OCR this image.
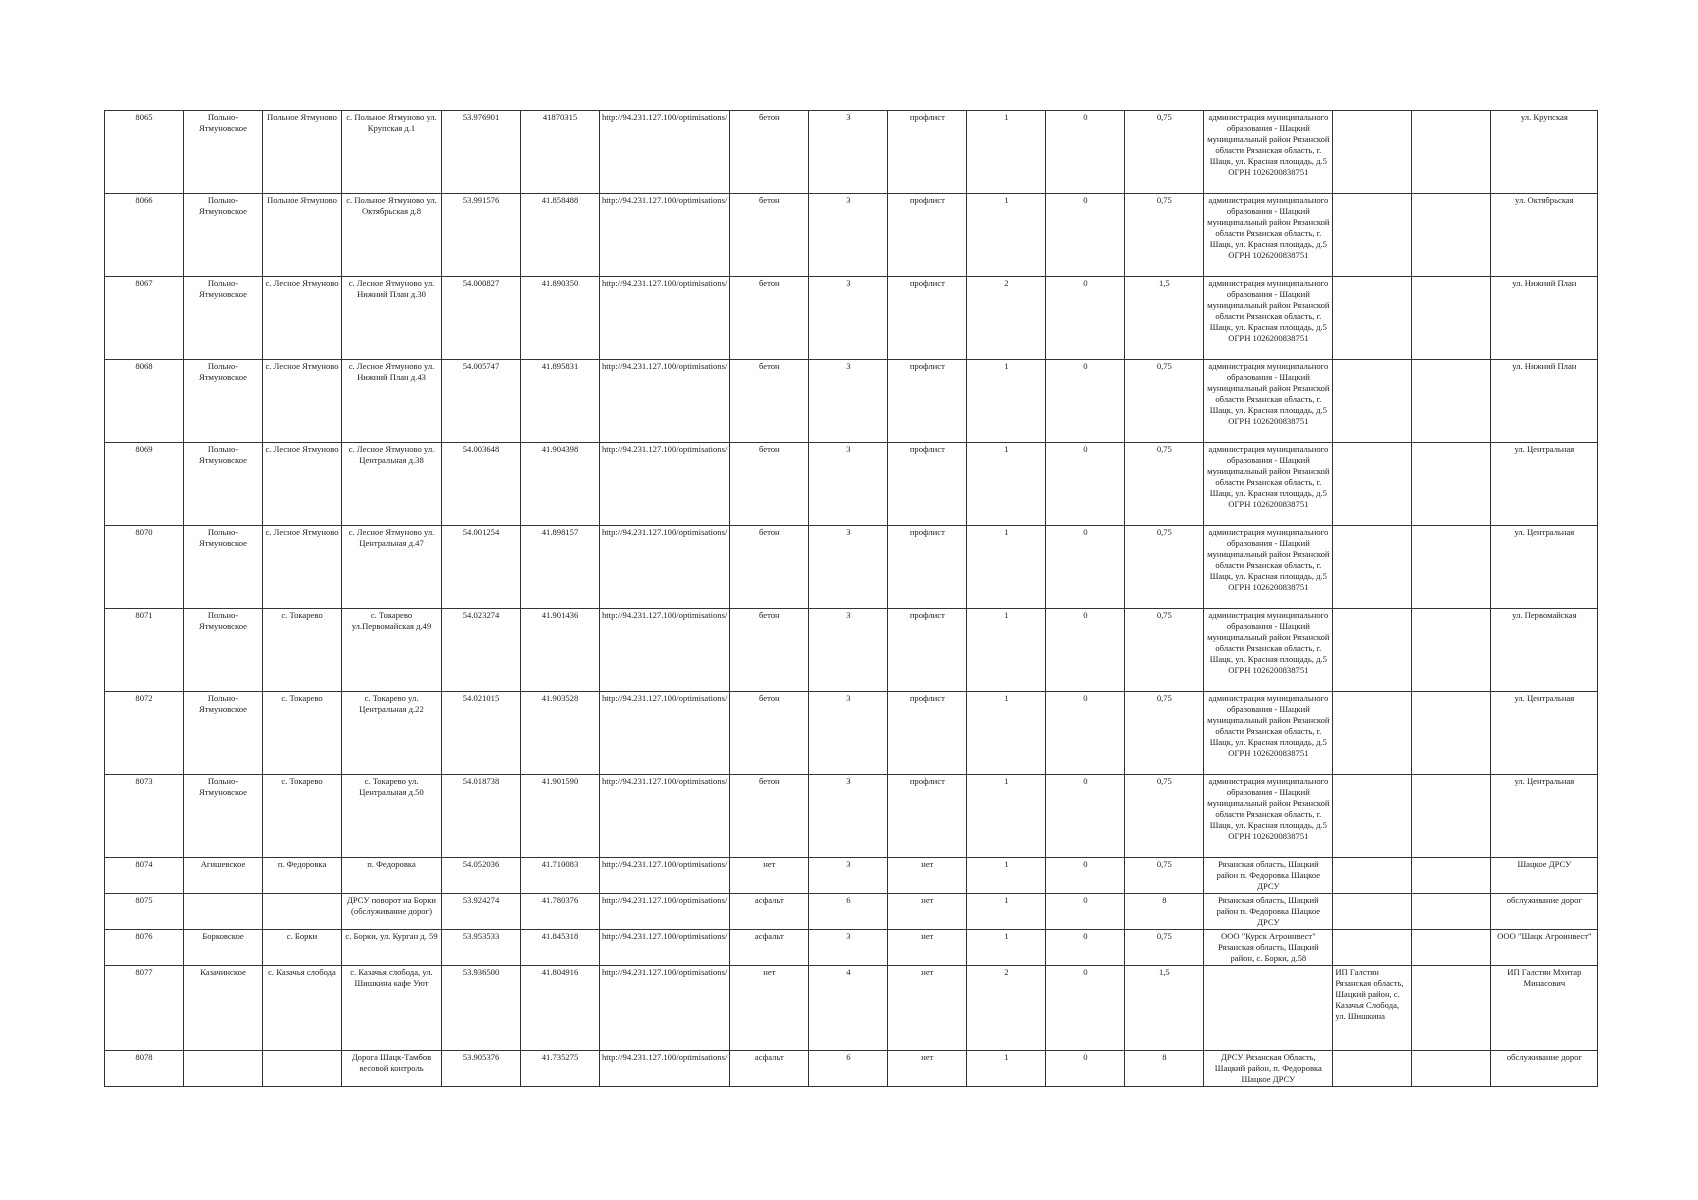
8065	Польно-Ятмуновское	Польное Ятмуново	с. Польное Ятмуново ул. Крупская д.1	53.976901	41870315	http://94.231.127.100/optimisations/	бетон	3	профлист	1	0	0,75	администрация муниципального образования - Шацкий муниципальный район Рязанской области Рязанская область, г. Шацк, ул. Красная площадь, д.5 ОГРН 1026200838751			ул. Крупская
8066	Польно-Ятмуновское	Польное Ятмуново	с. Польное Ятмуново ул. Октябрьская д.8	53.991576	41.858488	http://94.231.127.100/optimisations/	бетон	3	профлист	1	0	0,75	администрация муниципального образования - Шацкий муниципальный район Рязанской области Рязанская область, г. Шацк, ул. Красная площадь, д.5 ОГРН 1026200838751			ул. Октябрьская
8067	Польно-Ятмуновское	с. Лесное Ятмуново	с. Лесное Ятмуново ул. Нижний План д.30	54.000827	41.890350	http://94.231.127.100/optimisations/	бетон	3	профлист	2	0	1,5	администрация муниципального образования - Шацкий муниципальный район Рязанской области Рязанская область, г. Шацк, ул. Красная площадь, д.5 ОГРН 1026200838751			ул. Нижний План
8068	Польно-Ятмуновское	с. Лесное Ятмуново	с. Лесное Ятмуново ул. Нижний План д.43	54.005747	41.895831	http://94.231.127.100/optimisations/	бетон	3	профлист	1	0	0,75	администрация муниципального образования - Шацкий муниципальный район Рязанской области Рязанская область, г. Шацк, ул. Красная площадь, д.5 ОГРН 1026200838751			ул. Нижний План
8069	Польно-Ятмуновское	с. Лесное Ятмуново	с. Лесное Ятмуново ул. Центральная д.38	54.003648	41.904398	http://94.231.127.100/optimisations/	бетон	3	профлист	1	0	0,75	администрация муниципального образования - Шацкий муниципальный район Рязанской области Рязанская область, г. Шацк, ул. Красная площадь, д.5 ОГРН 1026200838751			ул. Центральная
8070	Польно-Ятмуновское	с. Лесное Ятмуново	с. Лесное Ятмуново ул. Центральная д.47	54.001254	41.898157	http://94.231.127.100/optimisations/	бетон	3	профлист	1	0	0,75	администрация муниципального образования - Шацкий муниципальный район Рязанской области Рязанская область, г. Шацк, ул. Красная площадь, д.5 ОГРН 1026200838751			ул. Центральная
8071	Польно-Ятмуновское	с. Токарево	с. Токарево ул.Первомайская д.49	54.023274	41.901436	http://94.231.127.100/optimisations/	бетон	3	профлист	1	0	0,75	администрация муниципального образования - Шацкий муниципальный район Рязанской области Рязанская область, г. Шацк, ул. Красная площадь, д.5 ОГРН 1026200838751			ул. Первомайская
8072	Польно-Ятмуновское	с. Токарево	с. Токарево ул. Центральная д.22	54.021015	41.903528	http://94.231.127.100/optimisations/	бетон	3	профлист	1	0	0,75	администрация муниципального образования - Шацкий муниципальный район Рязанской области Рязанская область, г. Шацк, ул. Красная площадь, д.5 ОГРН 1026200838751			ул. Центральная
8073	Польно-Ятмуновское	с. Токарево	с. Токарево ул. Центральная д.50	54.018738	41.901590	http://94.231.127.100/optimisations/	бетон	3	профлист	1	0	0,75	администрация муниципального образования - Шацкий муниципальный район Рязанской области Рязанская область, г. Шацк, ул. Красная площадь, д.5 ОГРН 1026200838751			ул. Центральная
8074	Агишевское	п. Федоровка	п. Федоровка	54.052036	41.710083	http://94.231.127.100/optimisations/	нет	3	нет	1	0	0,75	Рязанская область, Шацкий район п. Федоровка Шацкое ДРСУ			Шацкое ДРСУ
8075			ДРСУ поворот на Борки (обслуживание дорог)	53.924274	41.780376	http://94.231.127.100/optimisations/	асфальт	6	нет	1	0	8	Рязанская область, Шацкий район п. Федоровка Шацкое ДРСУ			обслуживание дорог
8076	Борковское	с. Борки	с. Борки, ул. Курган д. 59	53.953533	41.845318	http://94.231.127.100/optimisations/	асфальт	3	нет	1	0	0,75	ООО "Курск Агроинвест" Рязанская область, Шацкий район, с. Борки, д.58			ООО "Шацк Агроинвест"
8077	Казачинское	с. Казачья слобода	с. Казачья слобода, ул. Шишкина кафе Уют	53.936500	41.804916	http://94.231.127.100/optimisations/	нет	4	нет	2	0	1,5		ИП Галстян Рязанская область, Шацкий район, с. Казачья Слобода, ул. Шишкина		ИП Галстян Мхитар Минасович
8078			Дорога Шацк-Тамбов весовой контроль	53.905376	41.735275	http://94.231.127.100/optimisations/	асфальт	6	нет	1	0	8	ДРСУ Рязанская Область, Шацкий район, п. Федоровка Шацкое ДРСУ			обслуживание дорог
